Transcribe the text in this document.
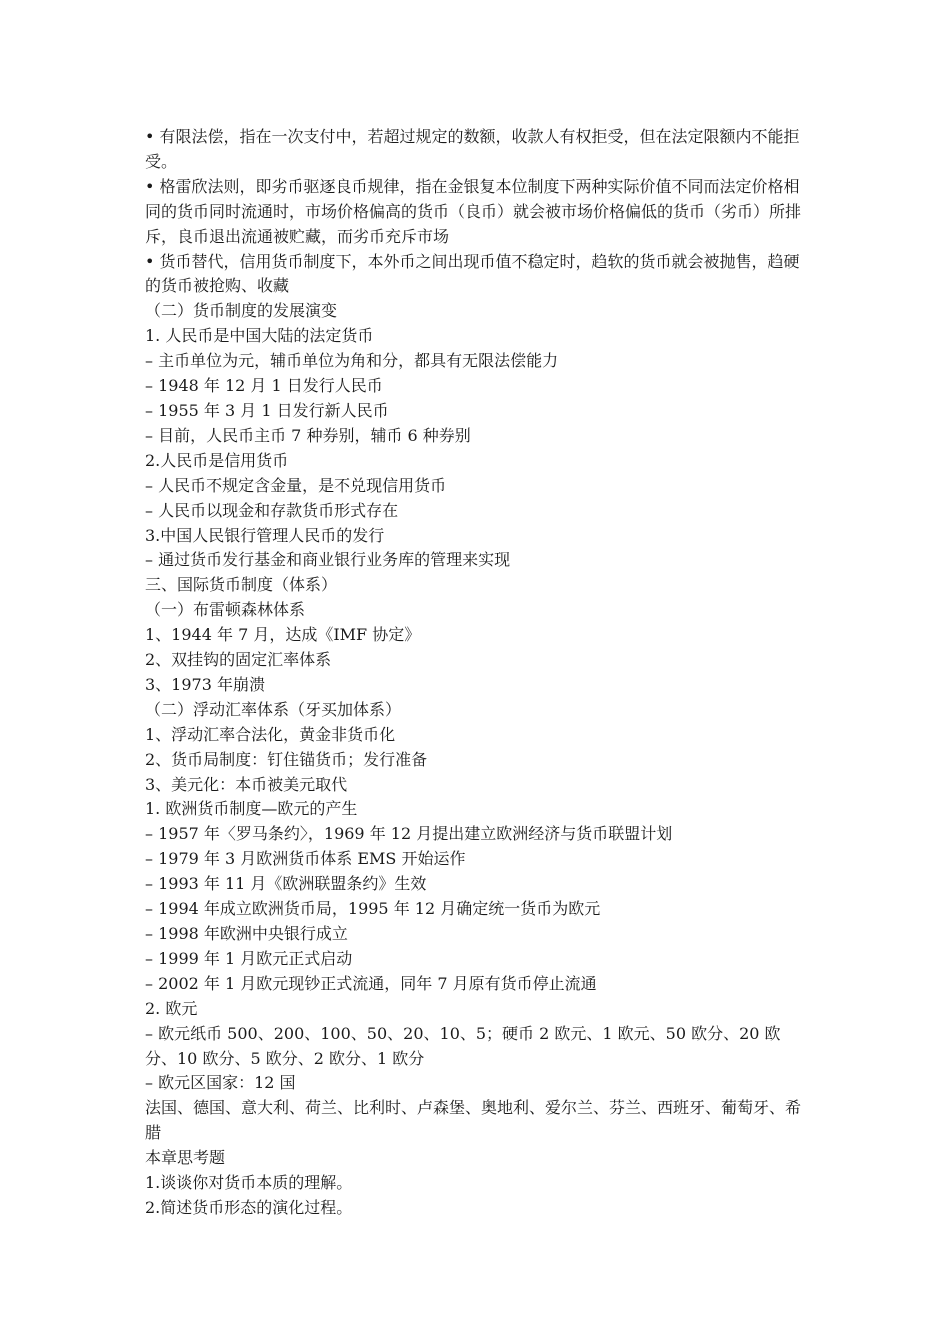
• 有限法偿，指在一次支付中，若超过规定的数额，收款人有权拒受，但在法定限额内不能拒受。

• 格雷欣法则，即劣币驱逐良币规律，指在金银复本位制度下两种实际价值不同而法定价格相同的货币同时流通时，市场价格偏高的货币（良币）就会被市场价格偏低的货币（劣币）所排斥，良币退出流通被贮藏，而劣币充斥市场

• 货币替代，信用货币制度下，本外币之间出现币值不稳定时，趋软的货币就会被抛售，趋硬的货币被抢购、收藏

（二）货币制度的发展演变

1. 人民币是中国大陆的法定货币

– 主币单位为元，辅币单位为角和分，都具有无限法偿能力

– 1948 年 12 月 1 日发行人民币

– 1955 年 3 月 1 日发行新人民币

– 目前，人民币主币 7 种券别，辅币 6 种券别

2.人民币是信用货币

– 人民币不规定含金量，是不兑现信用货币

– 人民币以现金和存款货币形式存在

3.中国人民银行管理人民币的发行

– 通过货币发行基金和商业银行业务库的管理来实现

三、国际货币制度（体系）

（一）布雷顿森林体系

1、1944 年 7 月，达成《IMF 协定》

2、双挂钩的固定汇率体系

3、1973 年崩溃

（二）浮动汇率体系（牙买加体系）

1、浮动汇率合法化，黄金非货币化

2、货币局制度：钉住锚货币；发行准备

3、美元化：本币被美元取代

1. 欧洲货币制度—欧元的产生

– 1957 年〈罗马条约〉，1969 年 12 月提出建立欧洲经济与货币联盟计划

– 1979 年 3 月欧洲货币体系 EMS 开始运作

– 1993 年 11 月《欧洲联盟条约》生效

– 1994 年成立欧洲货币局，1995 年 12 月确定统一货币为欧元

– 1998 年欧洲中央银行成立

– 1999 年 1 月欧元正式启动

– 2002 年 1 月欧元现钞正式流通，同年 7 月原有货币停止流通

2. 欧元

– 欧元纸币 500、200、100、50、20、10、5；硬币 2 欧元、1 欧元、50 欧分、20 欧分、10 欧分、5 欧分、2 欧分、1 欧分

– 欧元区国家：12 国

法国、德国、意大利、荷兰、比利时、卢森堡、奥地利、爱尔兰、芬兰、西班牙、葡萄牙、希腊

本章思考题

1.谈谈你对货币本质的理解。

2.简述货币形态的演化过程。
